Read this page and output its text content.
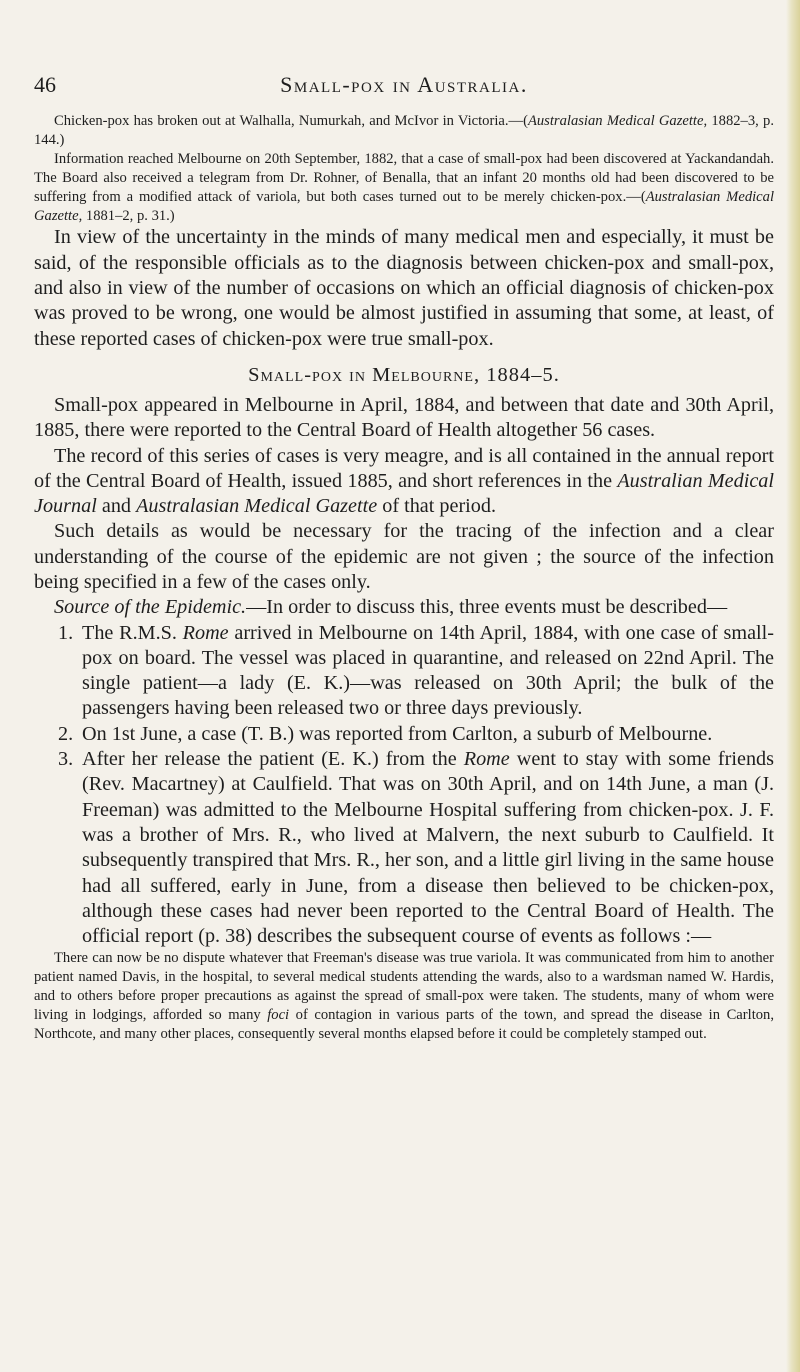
46	Small-pox in Australia.

Chicken-pox has broken out at Walhalla, Numurkah, and McIvor in Victoria.—(Australasian Medical Gazette, 1882–3, p. 144.)

Information reached Melbourne on 20th September, 1882, that a case of small-pox had been discovered at Yackandandah. The Board also received a telegram from Dr. Rohner, of Benalla, that an infant 20 months old had been discovered to be suffering from a modified attack of variola, but both cases turned out to be merely chicken-pox.—(Australasian Medical Gazette, 1881–2, p. 31.)

In view of the uncertainty in the minds of many medical men and especially, it must be said, of the responsible officials as to the diagnosis between chicken-pox and small-pox, and also in view of the number of occasions on which an official diagnosis of chicken-pox was proved to be wrong, one would be almost justified in assuming that some, at least, of these reported cases of chicken-pox were true small-pox.

Small-pox in Melbourne, 1884–5.

Small-pox appeared in Melbourne in April, 1884, and between that date and 30th April, 1885, there were reported to the Central Board of Health altogether 56 cases.

The record of this series of cases is very meagre, and is all contained in the annual report of the Central Board of Health, issued 1885, and short references in the Australian Medical Journal and Australasian Medical Gazette of that period.

Such details as would be necessary for the tracing of the infection and a clear understanding of the course of the epidemic are not given ; the source of the infection being specified in a few of the cases only.

Source of the Epidemic.—In order to discuss this, three events must be described—

1. The R.M.S. Rome arrived in Melbourne on 14th April, 1884, with one case of small-pox on board. The vessel was placed in quarantine, and released on 22nd April. The single patient—a lady (E. K.)—was released on 30th April; the bulk of the passengers having been released two or three days previously.
2. On 1st June, a case (T. B.) was reported from Carlton, a suburb of Melbourne.
3. After her release the patient (E. K.) from the Rome went to stay with some friends (Rev. Macartney) at Caulfield. That was on 30th April, and on 14th June, a man (J. Freeman) was admitted to the Melbourne Hospital suffering from chicken-pox. J. F. was a brother of Mrs. R., who lived at Malvern, the next suburb to Caulfield. It subsequently transpired that Mrs. R., her son, and a little girl living in the same house had all suffered, early in June, from a disease then believed to be chicken-pox, although these cases had never been reported to the Central Board of Health. The official report (p. 38) describes the subsequent course of events as follows :—

There can now be no dispute whatever that Freeman's disease was true variola. It was communicated from him to another patient named Davis, in the hospital, to several medical students attending the wards, also to a wardsman named W. Hardis, and to others before proper precautions as against the spread of small-pox were taken. The students, many of whom were living in lodgings, afforded so many foci of contagion in various parts of the town, and spread the disease in Carlton, Northcote, and many other places, consequently several months elapsed before it could be completely stamped out.
